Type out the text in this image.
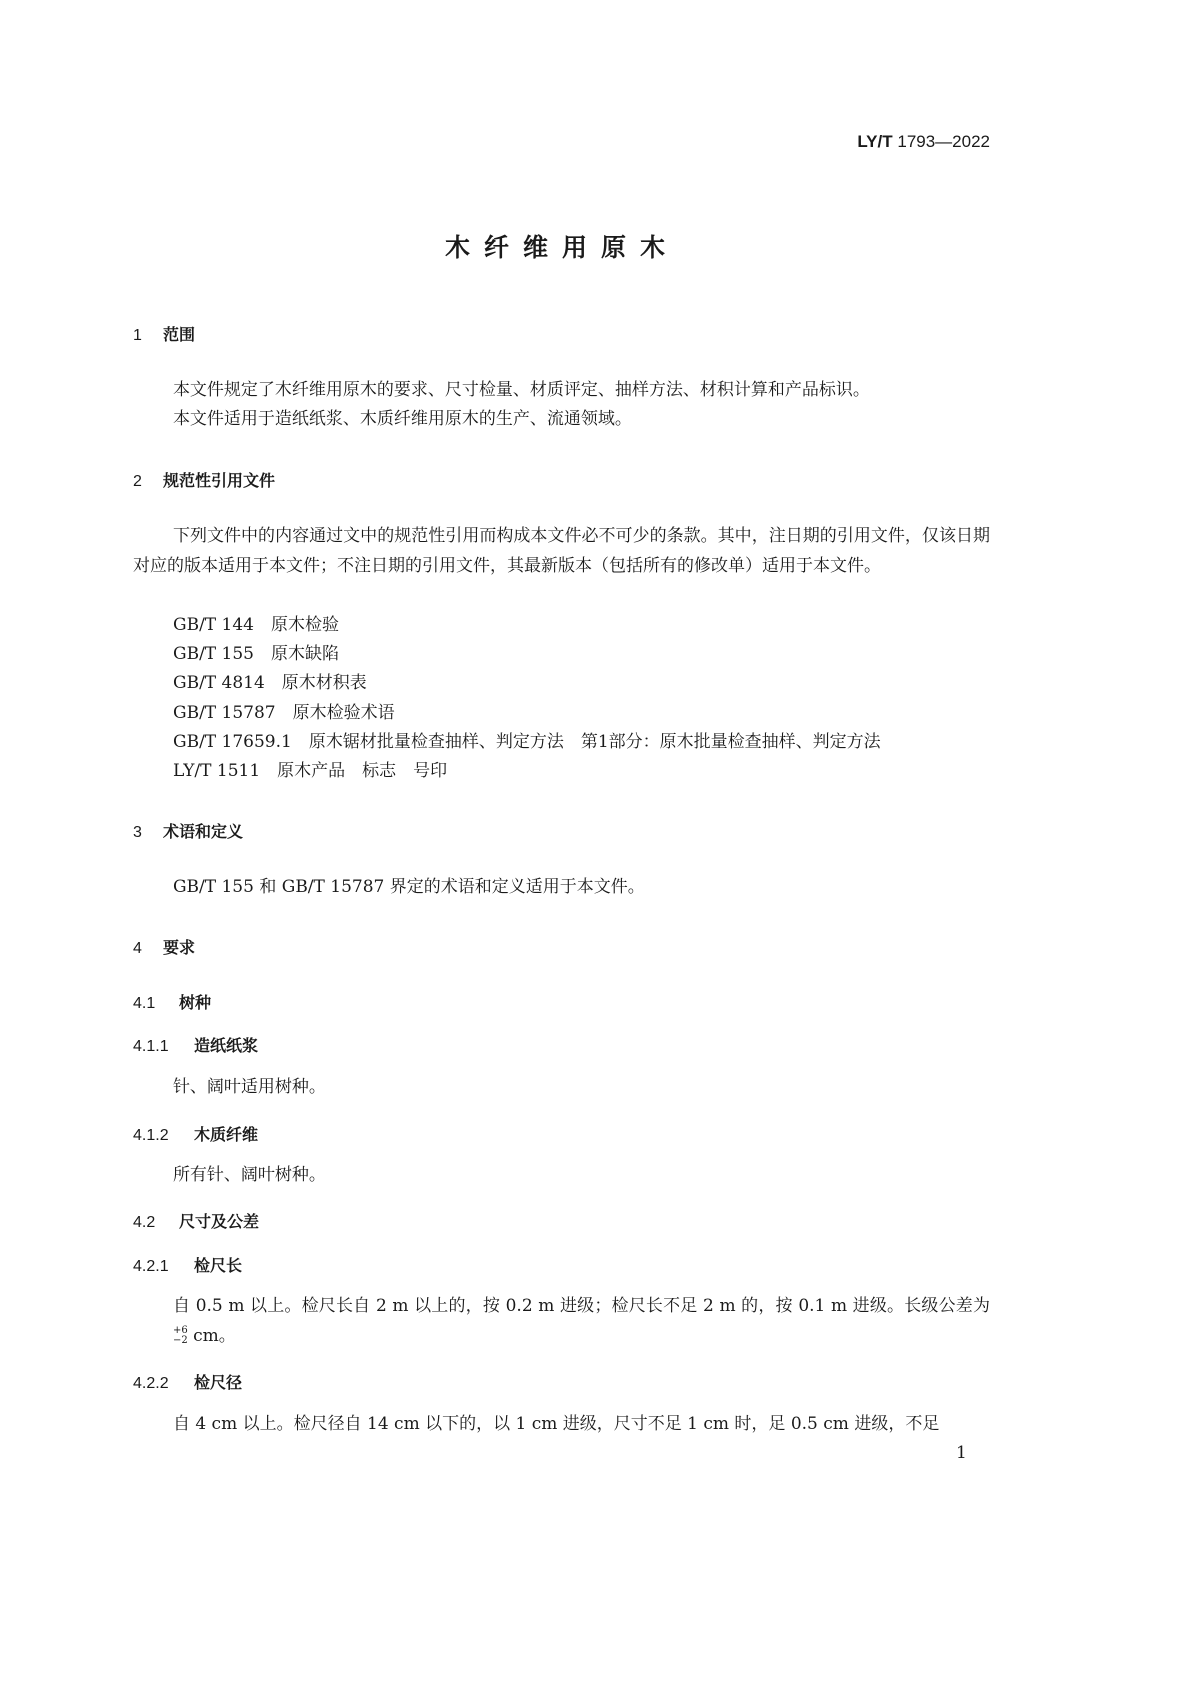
LY/T 1793—2022
木纤维用原木
1 范围
本文件规定了木纤维用原木的要求、尺寸检量、材质评定、抽样方法、材积计算和产品标识。
本文件适用于造纸纸浆、木质纤维用原木的生产、流通领域。
2 规范性引用文件
下列文件中的内容通过文中的规范性引用而构成本文件必不可少的条款。其中，注日期的引用文件，仅该日期对应的版本适用于本文件；不注日期的引用文件，其最新版本（包括所有的修改单）适用于本文件。
GB/T 144　原木检验
GB/T 155　原木缺陷
GB/T 4814　原木材积表
GB/T 15787　原木检验术语
GB/T 17659.1　原木锯材批量检查抽样、判定方法　第1部分：原木批量检查抽样、判定方法
LY/T 1511　原木产品　标志　号印
3 术语和定义
GB/T 155 和 GB/T 15787 界定的术语和定义适用于本文件。
4 要求
4.1 树种
4.1.1 造纸纸浆
针、阔叶适用树种。
4.1.2 木质纤维
所有针、阔叶树种。
4.2 尺寸及公差
4.2.1 检尺长
自 0.5 m 以上。检尺长自 2 m 以上的，按 0.2 m 进级；检尺长不足 2 m 的，按 0.1 m 进级。长级公差为
+6
−2 cm。
4.2.2 检尺径
自 4 cm 以上。检尺径自 14 cm 以下的，以 1 cm 进级，尺寸不足 1 cm 时，足 0.5 cm 进级，不足
1
